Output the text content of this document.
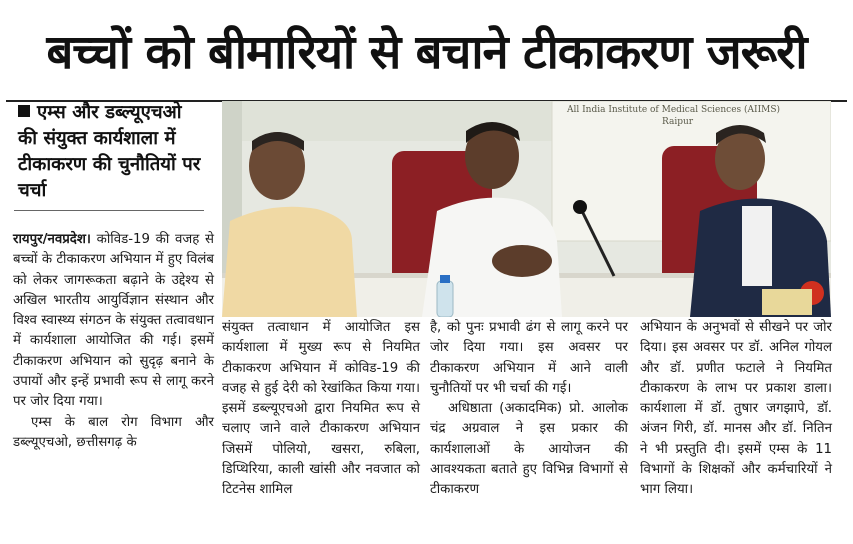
बच्चों को बीमारियों से बचाने टीकाकरण जरूरी
एम्स और डब्ल्यूएचओ की संयुक्त कार्यशाला में टीकाकरण की चुनौतियों पर चर्चा
All India Institute of Medical Sciences (AIIMS)
Raipur

रायपुर/नवप्रदेश। कोविड-19 की वजह से बच्चों के टीकाकरण अभियान में हुए विलंब को लेकर जागरूकता बढ़ाने के उद्देश्य से अखिल भारतीय आयुर्विज्ञान संस्थान और विश्व स्वास्थ्य संगठन के संयुक्त तत्वावधान में कार्यशाला आयोजित की गई। इसमें टीकाकरण अभियान को सुदृढ़ बनाने के उपायों और इन्हें प्रभावी रूप से लागू करने पर जोर दिया गया।

एम्स के बाल रोग विभाग और डब्ल्यूएचओ, छत्तीसगढ़ के

संयुक्त तत्वाधान में आयोजित इस कार्यशाला में मुख्य रूप से नियमित टीकाकरण अभियान में कोविड-19 की वजह से हुई देरी को रेखांकित किया गया। इसमें डब्ल्यूएचओ द्वारा नियमित रूप से चलाए जाने वाले टीकाकरण अभियान जिसमें पोलियो, खसरा, रुबिला, डिप्थिरिया, काली खांसी और नवजात को टिटनेस शामिल

है, को पुनः प्रभावी ढंग से लागू करने पर जोर दिया गया। इस अवसर पर टीकाकरण अभियान में आने वाली चुनौतियों पर भी चर्चा की गई।

अधिष्ठाता (अकादमिक) प्रो. आलोक चंद्र अग्रवाल ने इस प्रकार की कार्यशालाओं के आयोजन की आवश्यकता बताते हुए विभिन्न विभागों से टीकाकरण

अभियान के अनुभवों से सीखने पर जोर दिया। इस अवसर पर डॉ. अनिल गोयल और डॉ. प्रणीत फटाले ने नियमित टीकाकरण के लाभ पर प्रकाश डाला। कार्यशाला में डॉ. तुषार जगझापे, डॉ. अंजन गिरी, डॉ. मानस और डॉ. नितिन ने भी प्रस्तुति दी। इसमें एम्स के 11 विभागों के शिक्षकों और कर्मचारियों ने भाग लिया।
